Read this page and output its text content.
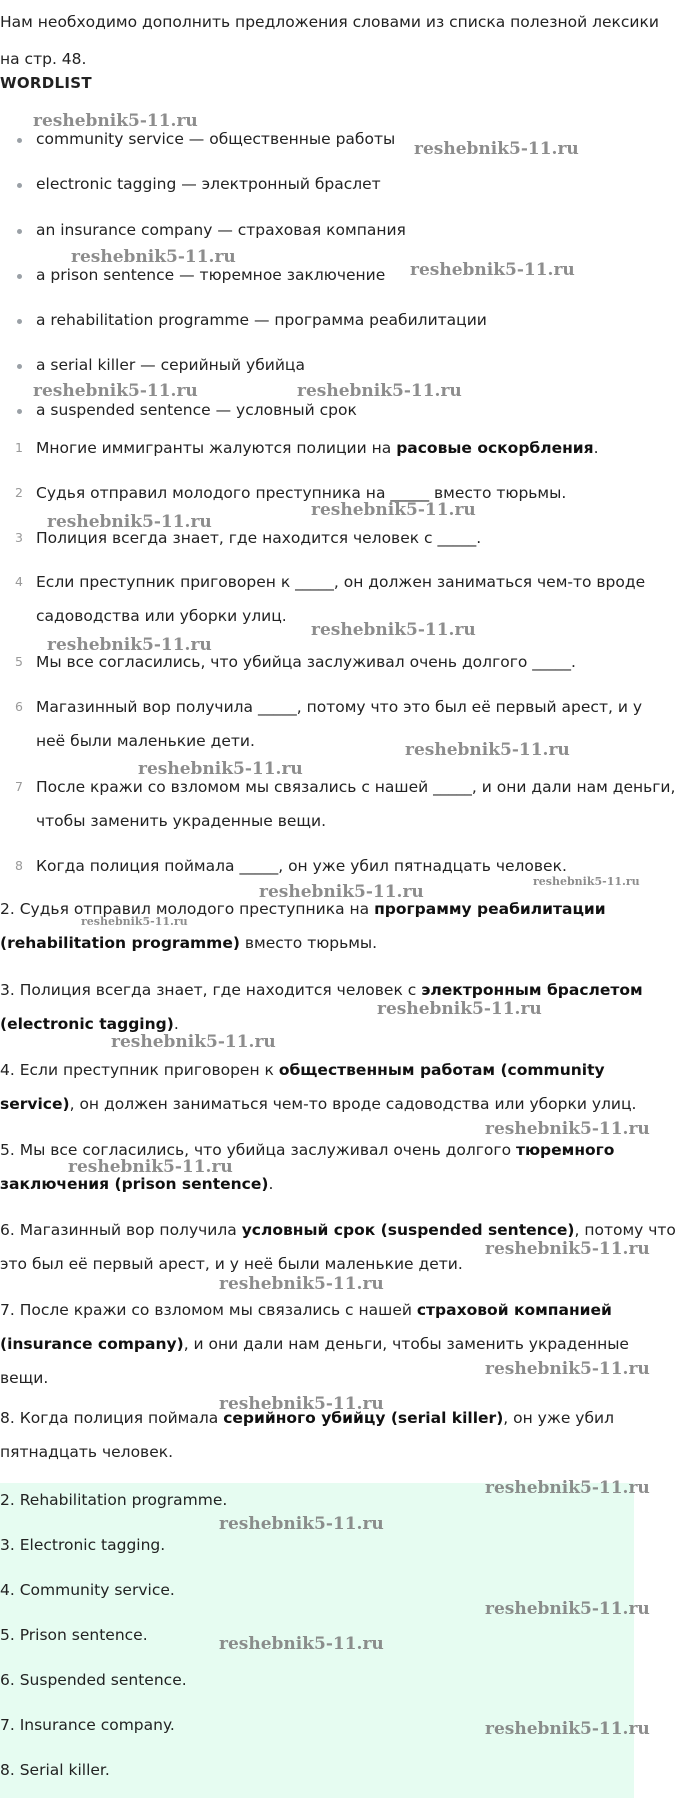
Нам необходимо дополнить предложения словами из списка полезной лексики на стр. 48.
WORDLIST
community service — общественные работы
electronic tagging — электронный браслет
an insurance company — страховая компания
a prison sentence — тюремное заключение
a rehabilitation programme — программа реабилитации
a serial killer — серийный убийца
a suspended sentence — условный срок
1 Многие иммигранты жалуются полиции на расовые оскорбления.
2 Судья отправил молодого преступника на _____ вместо тюрьмы.
3 Полиция всегда знает, где находится человек с _____.
4 Если преступник приговорен к _____, он должен заниматься чем-то вроде садоводства или уборки улиц.
5 Мы все согласились, что убийца заслуживал очень долгого _____.
6 Магазинный вор получила _____, потому что это был её первый арест, и у неё были маленькие дети.
7 После кражи со взломом мы связались с нашей _____, и они дали нам деньги, чтобы заменить украденные вещи.
8 Когда полиция поймала _____, он уже убил пятнадцать человек.
2. Судья отправил молодого преступника на программу реабилитации (rehabilitation programme) вместо тюрьмы.
3. Полиция всегда знает, где находится человек с электронным браслетом (electronic tagging).
4. Если преступник приговорен к общественным работам (community service), он должен заниматься чем-то вроде садоводства или уборки улиц.
5. Мы все согласились, что убийца заслуживал очень долгого тюремного заключения (prison sentence).
6. Магазинный вор получила условный срок (suspended sentence), потому что это был её первый арест, и у неё были маленькие дети.
7. После кражи со взломом мы связались с нашей страховой компанией (insurance company), и они дали нам деньги, чтобы заменить украденные вещи.
8. Когда полиция поймала серийного убийцу (serial killer), он уже убил пятнадцать человек.
2. Rehabilitation programme.
3. Electronic tagging.
4. Community service.
5. Prison sentence.
6. Suspended sentence.
7. Insurance company.
8. Serial killer.
reshebnik5-11.ru
reshebnik5-11.ru
reshebnik5-11.ru
reshebnik5-11.ru
reshebnik5-11.ru	reshebnik5-11.ru
reshebnik5-11.ru
reshebnik5-11.ru
reshebnik5-11.ru
reshebnik5-11.ru
reshebnik5-11.ru
reshebnik5-11.ru
reshebnik5-11.ru
reshebnik5-11.ru
reshebnik5-11.ru
reshebnik5-11.ru
reshebnik5-11.ru
reshebnik5-11.ru
reshebnik5-11.ru
reshebnik5-11.ru
reshebnik5-11.ru
reshebnik5-11.ru
reshebnik5-11.ru
reshebnik5-11.ru
reshebnik5-11.ru
reshebnik5-11.ru
reshebnik5-11.ru
reshebnik5-11.ru
